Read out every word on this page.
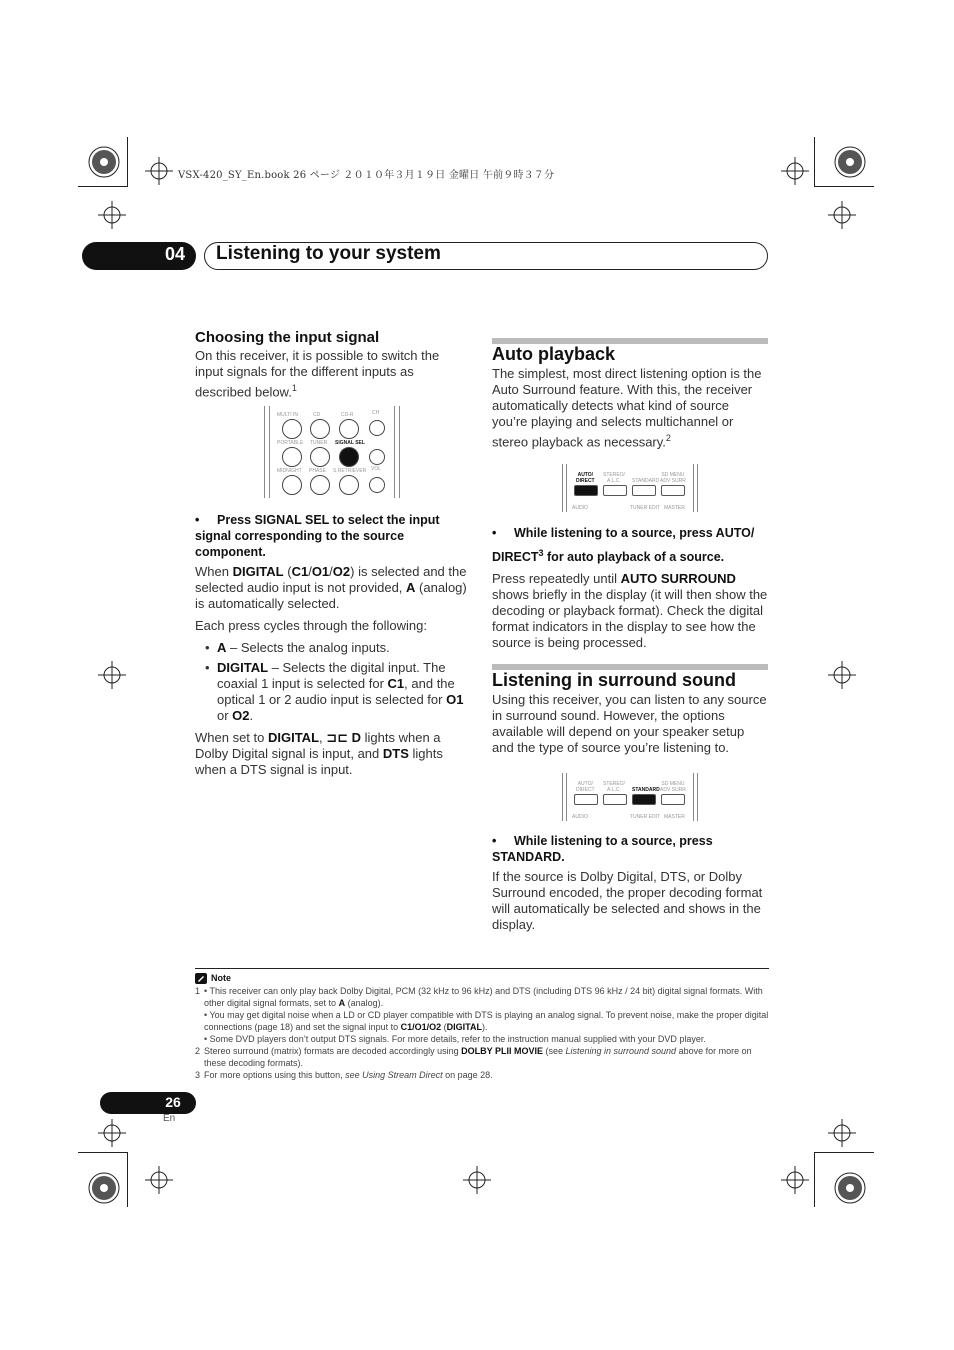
VSX-420_SY_En.book 26 ページ ２０１０年３月１９日 金曜日 午前９時３７分
04 Listening to your system
Choosing the input signal

On this receiver, it is possible to switch the input signals for the different inputs as described below.$^1$

MULTI IN	CD	CD-R	CH
PORTABLE TUNER SIGNAL SEL
MIDNIGHT PHASE S.RETRIEVER VOL

• Press SIGNAL SEL to select the input signal corresponding to the source component.

When DIGITAL (C1/O1/O2) is selected and the selected audio input is not provided, A (analog) is automatically selected.

Each press cycles through the following:

• A – Selects the analog inputs.
• DIGITAL – Selects the digital input. The coaxial 1 input is selected for C1, and the optical 1 or 2 audio input is selected for O1 or O2.

When set to DIGITAL, ⊐⊏ D lights when a Dolby Digital signal is input, and DTS lights when a DTS signal is input.

Auto playback

The simplest, most direct listening option is the Auto Surround feature. With this, the receiver automatically detects what kind of source you’re playing and selects multichannel or stereo playback as necessary.$^2$

AUTO/
DIRECT
STEREO/
A.L.C.	STANDARD
SD MENU
ADV SURR
AUDIO	TUNER EDIT MASTER

• While listening to a source, press AUTO/ DIRECT$^3$ for auto playback of a source.

Press repeatedly until AUTO SURROUND shows briefly in the display (it will then show the decoding or playback format). Check the digital format indicators in the display to see how the source is being processed.

Listening in surround sound

Using this receiver, you can listen to any source in surround sound. However, the options available will depend on your speaker setup and the type of source you’re listening to.

AUTO/
DIRECT
STEREO/
A.L.C.	STANDARD
SD MENU
ADV SURR
AUDIO	TUNER EDIT MASTER

• While listening to a source, press STANDARD.

If the source is Dolby Digital, DTS, or Dolby Surround encoded, the proper decoding format will automatically be selected and shows in the display.

Note
1 • This receiver can only play back Dolby Digital, PCM (32 kHz to 96 kHz) and DTS (including DTS 96 kHz / 24 bit) digital signal formats. With other digital signal formats, set to A (analog).
• You may get digital noise when a LD or CD player compatible with DTS is playing an analog signal. To prevent noise, make the proper digital connections (page 18) and set the signal input to C1/O1/O2 (DIGITAL).
• Some DVD players don’t output DTS signals. For more details, refer to the instruction manual supplied with your DVD player.
2 Stereo surround (matrix) formats are decoded accordingly using DOLBY PLII MOVIE (see Listening in surround sound above for more on these decoding formats).
3 For more options using this button, see Using Stream Direct on page 28.
26
En
